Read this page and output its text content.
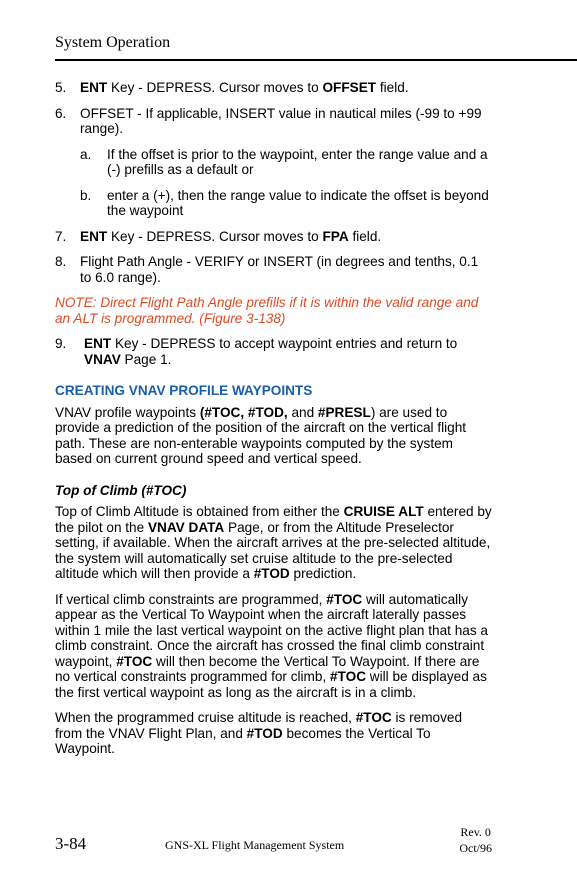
System Operation
5. ENT Key - DEPRESS. Cursor moves to OFFSET field.
6. OFFSET - If applicable, INSERT value in nautical miles (-99 to +99 range).
a. If the offset is prior to the waypoint, enter the range value and a (-) prefills as a default or
b. enter a (+), then the range value to indicate the offset is beyond the waypoint
7. ENT Key - DEPRESS. Cursor moves to FPA field.
8. Flight Path Angle - VERIFY or INSERT (in degrees and tenths, 0.1 to 6.0 range).
NOTE: Direct Flight Path Angle prefills if it is within the valid range and an ALT is programmed. (Figure 3-138)
9. ENT Key - DEPRESS to accept waypoint entries and return to VNAV Page 1.
CREATING VNAV PROFILE WAYPOINTS

VNAV profile waypoints (#TOC, #TOD, and #PRESL) are used to provide a prediction of the position of the aircraft on the vertical flight path. These are non-enterable waypoints computed by the system based on current ground speed and vertical speed.

Top of Climb (#TOC)

Top of Climb Altitude is obtained from either the CRUISE ALT entered by the pilot on the VNAV DATA Page, or from the Altitude Preselector setting, if available. When the aircraft arrives at the pre-selected altitude, the system will automatically set cruise altitude to the pre-selected altitude which will then provide a #TOD prediction.

If vertical climb constraints are programmed, #TOC will automatically appear as the Vertical To Waypoint when the aircraft laterally passes within 1 mile the last vertical waypoint on the active flight plan that has a climb constraint. Once the aircraft has crossed the final climb constraint waypoint, #TOC will then become the Vertical To Waypoint. If there are no vertical constraints programmed for climb, #TOC will be displayed as the first vertical waypoint as long as the aircraft is in a climb.

When the programmed cruise altitude is reached, #TOC is removed from the VNAV Flight Plan, and #TOD becomes the Vertical To Waypoint.

3-84	GNS-XL Flight Management System
Rev. 0
Oct/96
